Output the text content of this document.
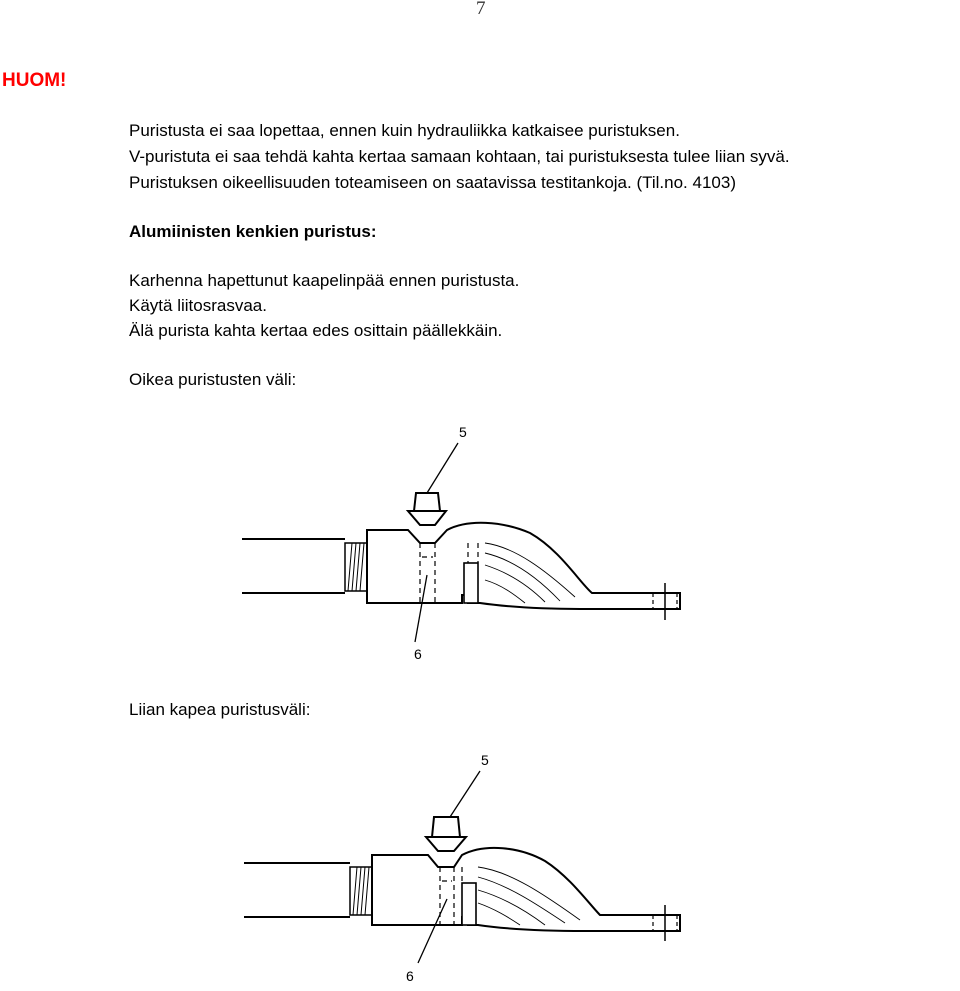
7
HUOM!
Puristusta ei saa lopettaa, ennen kuin hydrauliikka katkaisee puristuksen.
V-puristuta ei saa tehdä kahta kertaa samaan kohtaan, tai puristuksesta tulee liian syvä.
Puristuksen oikeellisuuden toteamiseen on saatavissa testitankoja. (Til.no. 4103)
Alumiinisten kenkien puristus:
Karhenna hapettunut kaapelinpää ennen puristusta.
Käytä liitosrasvaa.
Älä purista kahta kertaa edes osittain päällekkäin.
Oikea puristusten väli:
5
6
Liian kapea puristusväli:
5
6
